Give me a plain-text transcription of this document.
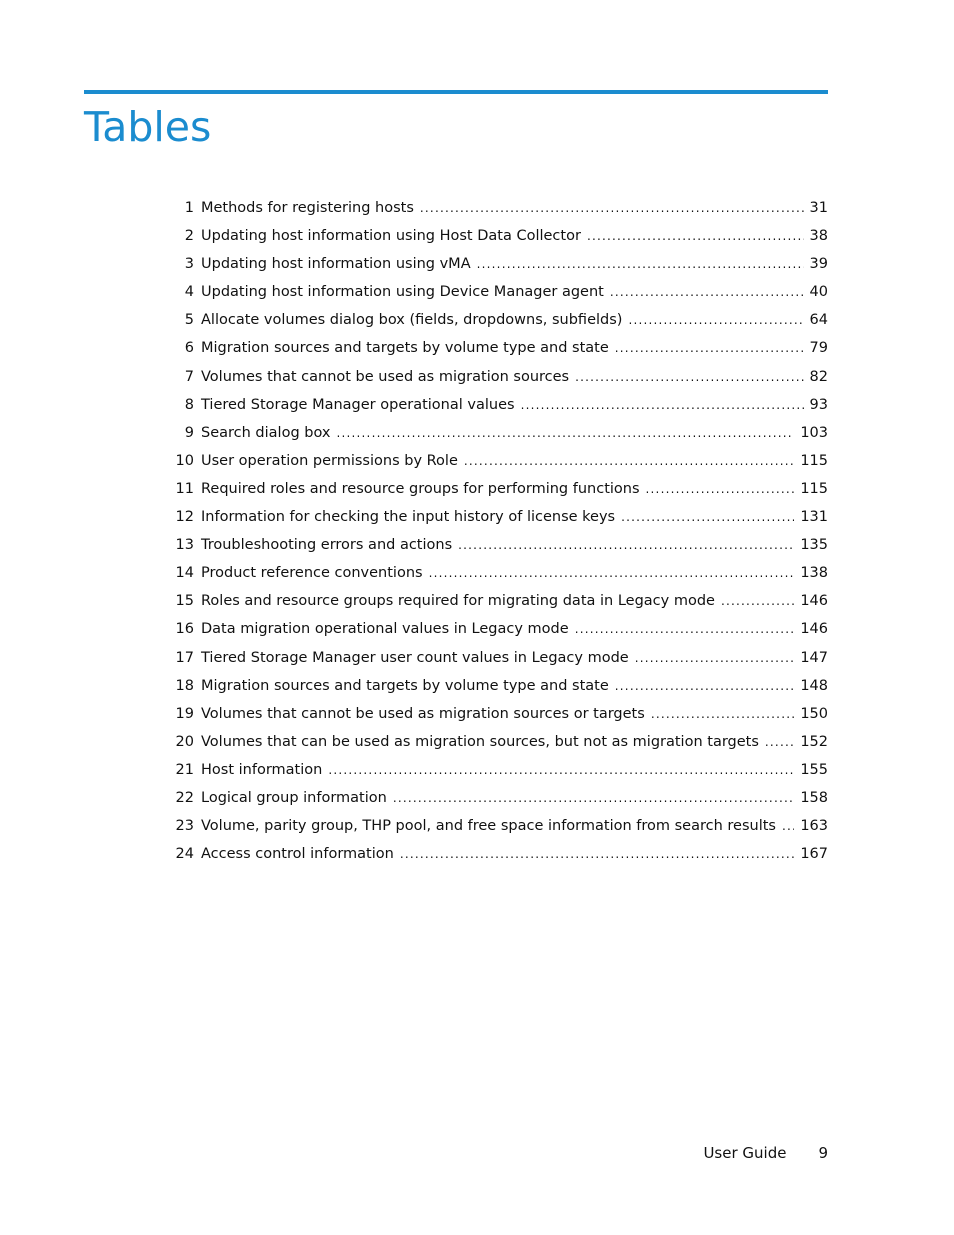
Tables
1 Methods for registering hosts .....	31
2 Updating host information using Host Data Collector .....	38
3 Updating host information using vMA .....	39
4 Updating host information using Device Manager agent .....	40
5 Allocate volumes dialog box (fields, dropdowns, subfields) .....	64
6 Migration sources and targets by volume type and state .....	79
7 Volumes that cannot be used as migration sources .....	82
8 Tiered Storage Manager operational values .....	93
9 Search dialog box .....	103
10 User operation permissions by Role .....	115
11 Required roles and resource groups for performing functions .....	115
12 Information for checking the input history of license keys .....	131
13 Troubleshooting errors and actions .....	135
14 Product reference conventions .....	138
15 Roles and resource groups required for migrating data in Legacy mode .....	146
16 Data migration operational values in Legacy mode .....	146
17 Tiered Storage Manager user count values in Legacy mode .....	147
18 Migration sources and targets by volume type and state .....	148
19 Volumes that cannot be used as migration sources or targets .....	150
20 Volumes that can be used as migration sources, but not as migration targets .....	152
21 Host information .....	155
22 Logical group information .....	158
23 Volume, parity group, THP pool, and free space information from search results ..... 163
24 Access control information .....	167
User Guide 9
